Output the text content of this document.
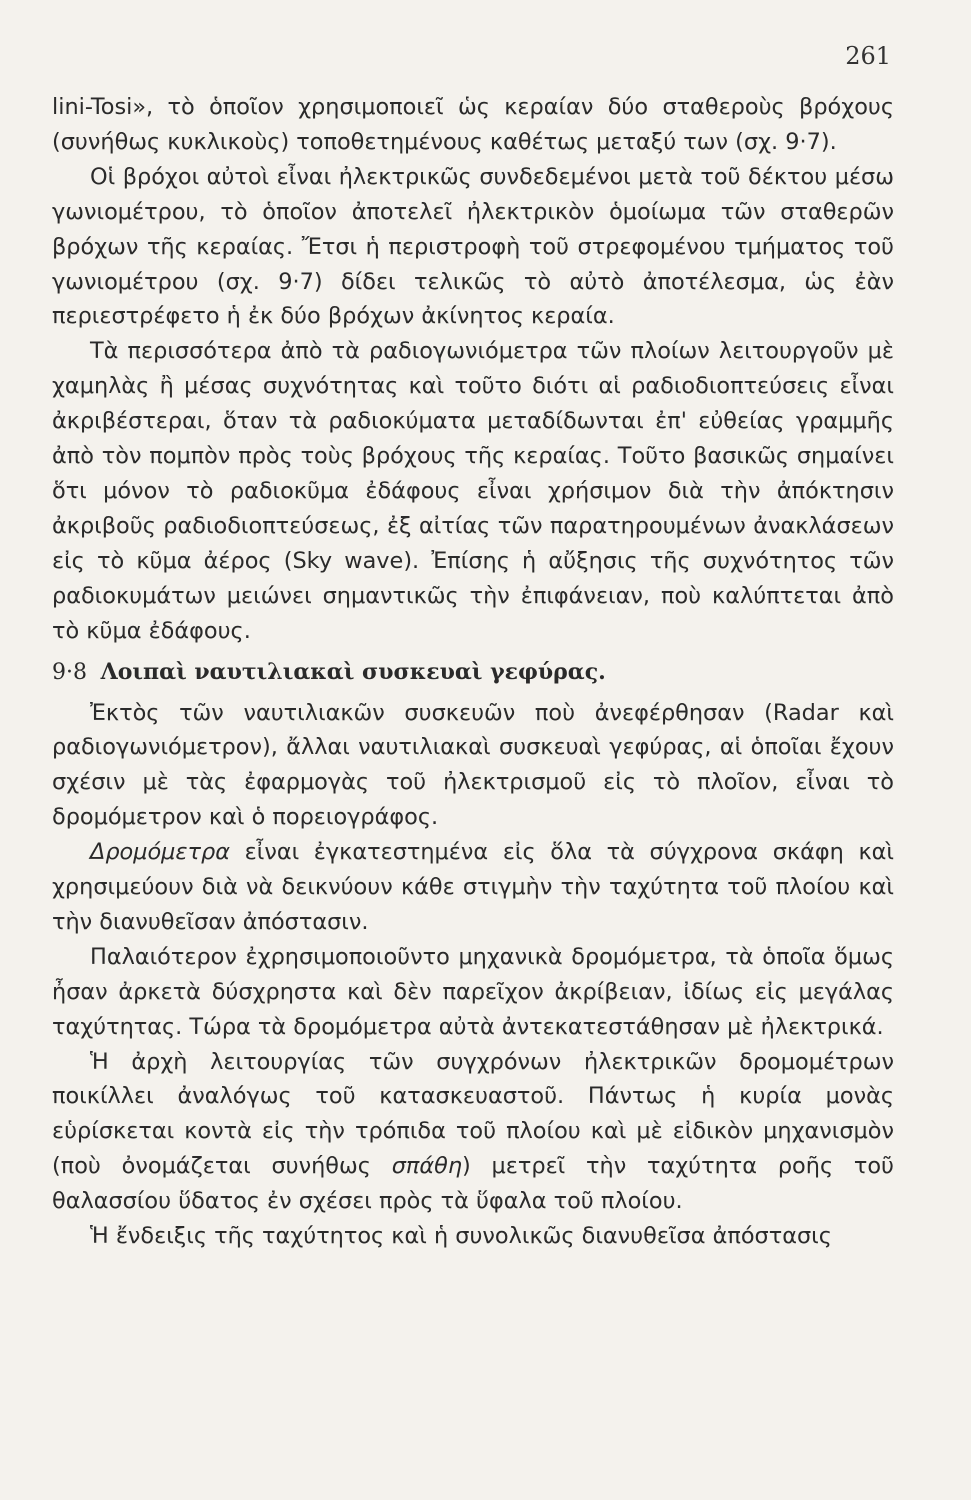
261

lini-Tosi», τὸ ὁποῖον χρησιμοποιεῖ ὡς κεραίαν δύο σταθεροὺς βρόχους (συνήθως κυκλικοὺς) τοποθετημένους καθέτως μεταξύ των (σχ. 9·7).

Οἱ βρόχοι αὐτοὶ εἶναι ἠλεκτρικῶς συνδεδεμένοι μετὰ τοῦ δέκτου μέσω γωνιομέτρου, τὸ ὁποῖον ἀποτελεῖ ἠλεκτρικὸν ὁμοίωμα τῶν σταθερῶν βρόχων τῆς κεραίας. Ἔτσι ἡ περιστροφὴ τοῦ στρεφομένου τμήματος τοῦ γωνιομέτρου (σχ. 9·7) δίδει τελικῶς τὸ αὐτὸ ἀποτέλεσμα, ὡς ἐὰν περιεστρέφετο ἡ ἐκ δύο βρόχων ἀκίνητος κεραία.

Τὰ περισσότερα ἀπὸ τὰ ραδιογωνιόμετρα τῶν πλοίων λειτουργοῦν μὲ χαμηλὰς ἢ μέσας συχνότητας καὶ τοῦτο διότι αἱ ραδιοδιοπτεύσεις εἶναι ἀκριβέστεραι, ὅταν τὰ ραδιοκύματα μεταδίδωνται ἐπ' εὐθείας γραμμῆς ἀπὸ τὸν πομπὸν πρὸς τοὺς βρόχους τῆς κεραίας. Τοῦτο βασικῶς σημαίνει ὅτι μόνον τὸ ραδιοκῦμα ἐδάφους εἶναι χρήσιμον διὰ τὴν ἀπόκτησιν ἀκριβοῦς ραδιοδιοπτεύσεως, ἐξ αἰτίας τῶν παρατηρουμένων ἀνακλάσεων εἰς τὸ κῦμα ἀέρος (Sky wave). Ἐπίσης ἡ αὔξησις τῆς συχνότητος τῶν ραδιοκυμάτων μειώνει σημαντικῶς τὴν ἐπιφάνειαν, ποὺ καλύπτεται ἀπὸ τὸ κῦμα ἐδάφους.

9·8 Λοιπαὶ ναυτιλιακαὶ συσκευαὶ γεφύρας.

Ἐκτὸς τῶν ναυτιλιακῶν συσκευῶν ποὺ ἀνεφέρθησαν (Radar καὶ ραδιογωνιόμετρον), ἄλλαι ναυτιλιακαὶ συσκευαὶ γεφύρας, αἱ ὁποῖαι ἔχουν σχέσιν μὲ τὰς ἐφαρμογὰς τοῦ ἠλεκτρισμοῦ εἰς τὸ πλοῖον, εἶναι τὸ δρομόμετρον καὶ ὁ πορειογράφος.

Δρομόμετρα εἶναι ἐγκατεστημένα εἰς ὅλα τὰ σύγχρονα σκάφη καὶ χρησιμεύουν διὰ νὰ δεικνύουν κάθε στιγμὴν τὴν ταχύτητα τοῦ πλοίου καὶ τὴν διανυθεῖσαν ἀπόστασιν.

Παλαιότερον ἐχρησιμοποιοῦντο μηχανικὰ δρομόμετρα, τὰ ὁποῖα ὅμως ἦσαν ἀρκετὰ δύσχρηστα καὶ δὲν παρεῖχον ἀκρίβειαν, ἰδίως εἰς μεγάλας ταχύτητας. Τώρα τὰ δρομόμετρα αὐτὰ ἀντεκατεστάθησαν μὲ ἠλεκτρικά.

Ἡ ἀρχὴ λειτουργίας τῶν συγχρόνων ἠλεκτρικῶν δρομομέτρων ποικίλλει ἀναλόγως τοῦ κατασκευαστοῦ. Πάντως ἡ κυρία μονὰς εὑρίσκεται κοντὰ εἰς τὴν τρόπιδα τοῦ πλοίου καὶ μὲ εἰδικὸν μηχανισμὸν (ποὺ ὀνομάζεται συνήθως σπάθη) μετρεῖ τὴν ταχύτητα ροῆς τοῦ θαλασσίου ὕδατος ἐν σχέσει πρὸς τὰ ὕφαλα τοῦ πλοίου.

Ἡ ἔνδειξις τῆς ταχύτητος καὶ ἡ συνολικῶς διανυθεῖσα ἀπόστασις
